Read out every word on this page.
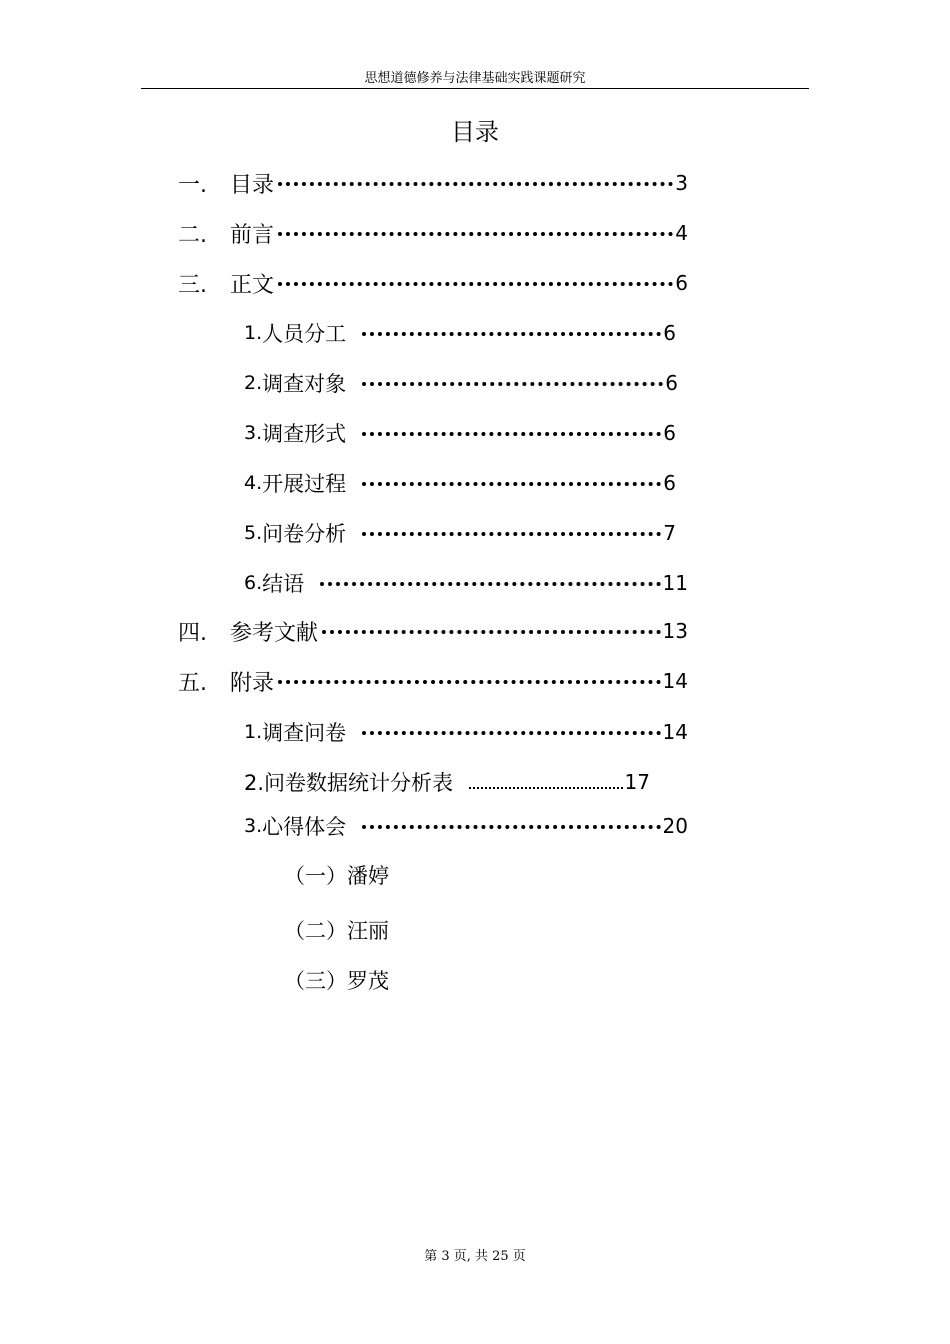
思想道德修养与法律基础实践课题研究
目录
一.	目录	3
二.	前言	4
三.	正文	6
1. 人员分工	6
2. 调查对象	6
3. 调查形式	6
4. 开展过程	6
5. 问卷分析	7
6. 结语	11
四.	参考文献	13
五.	附录	14
1. 调查问卷	14
2.问卷数据统计分析表	17
3. 心得体会	20
（一）潘婷
（二）汪丽
（三）罗茂
第 3 页, 共 25 页
